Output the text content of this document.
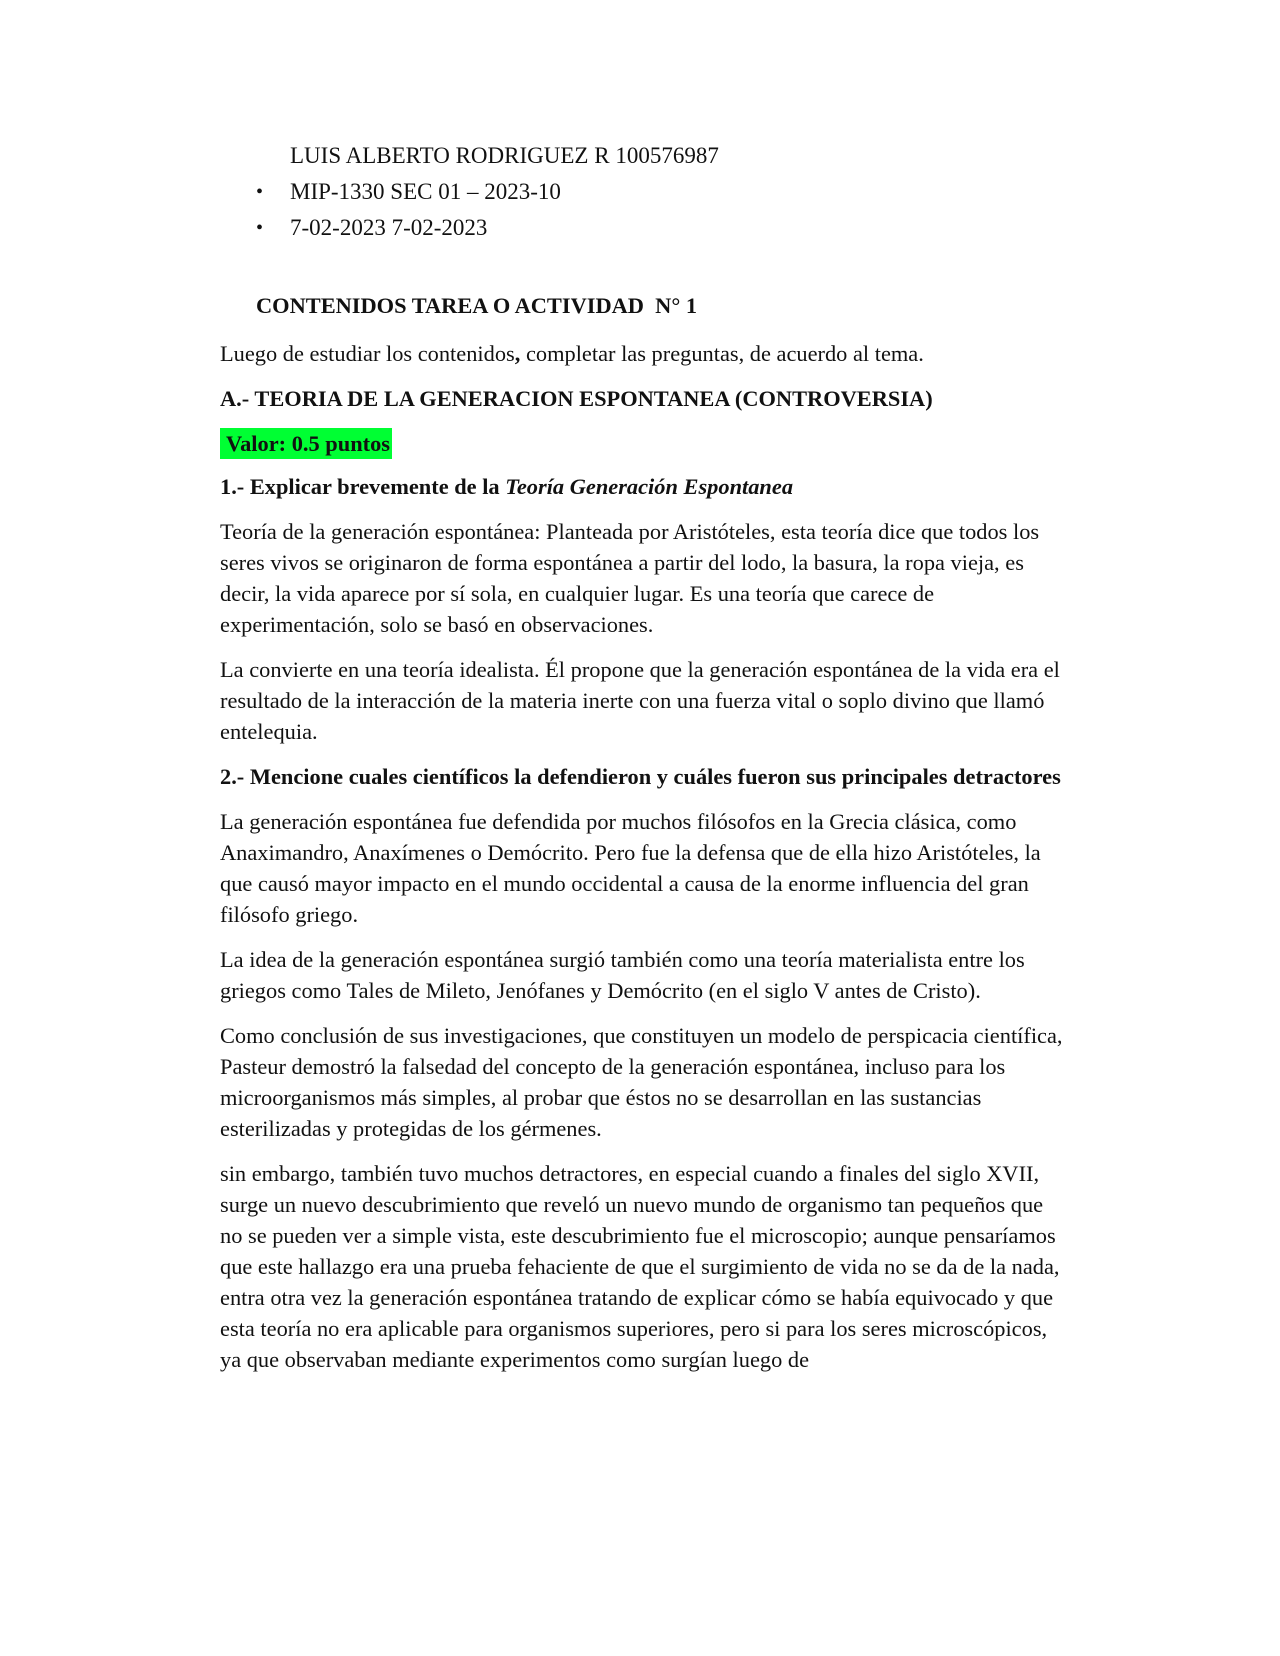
LUIS ALBERTO RODRIGUEZ R 100576987
• MIP-1330 SEC 01 – 2023-10
• 7-02-2023 7-02-2023
CONTENIDOS TAREA O ACTIVIDAD  N° 1

Luego de estudiar los contenidos, completar las preguntas, de acuerdo al tema.

A.- TEORIA DE LA GENERACION ESPONTANEA (CONTROVERSIA)

Valor: 0.5 puntos

1.- Explicar brevemente de la Teoría Generación Espontanea

Teoría de la generación espontánea: Planteada por Aristóteles, esta teoría dice que todos los seres vivos se originaron de forma espontánea a partir del lodo, la basura, la ropa vieja, es decir, la vida aparece por sí sola, en cualquier lugar. Es una teoría que carece de experimentación, solo se basó en observaciones.

La convierte en una teoría idealista. Él propone que la generación espontánea de la vida era el resultado de la interacción de la materia inerte con una fuerza vital o soplo divino que llamó entelequia.

2.- Mencione cuales científicos la defendieron y cuáles fueron sus principales detractores

La generación espontánea fue defendida por muchos filósofos en la Grecia clásica, como Anaximandro, Anaxímenes o Demócrito. Pero fue la defensa que de ella hizo Aristóteles, la que causó mayor impacto en el mundo occidental a causa de la enorme influencia del gran filósofo griego.

La idea de la generación espontánea surgió también como una teoría materialista entre los griegos como Tales de Mileto, Jenófanes y Demócrito (en el siglo V antes de Cristo).

Como conclusión de sus investigaciones, que constituyen un modelo de perspicacia científica, Pasteur demostró la falsedad del concepto de la generación espontánea, incluso para los microorganismos más simples, al probar que éstos no se desarrollan en las sustancias esterilizadas y protegidas de los gérmenes.

sin embargo, también tuvo muchos detractores, en especial cuando a finales del siglo XVII, surge un nuevo descubrimiento que reveló un nuevo mundo de organismo tan pequeños que no se pueden ver a simple vista, este descubrimiento fue el microscopio; aunque pensaríamos que este hallazgo era una prueba fehaciente de que el surgimiento de vida no se da de la nada, entra otra vez la generación espontánea tratando de explicar cómo se había equivocado y que esta teoría no era aplicable para organismos superiores, pero si para los seres microscópicos, ya que observaban mediante experimentos como surgían luego de
